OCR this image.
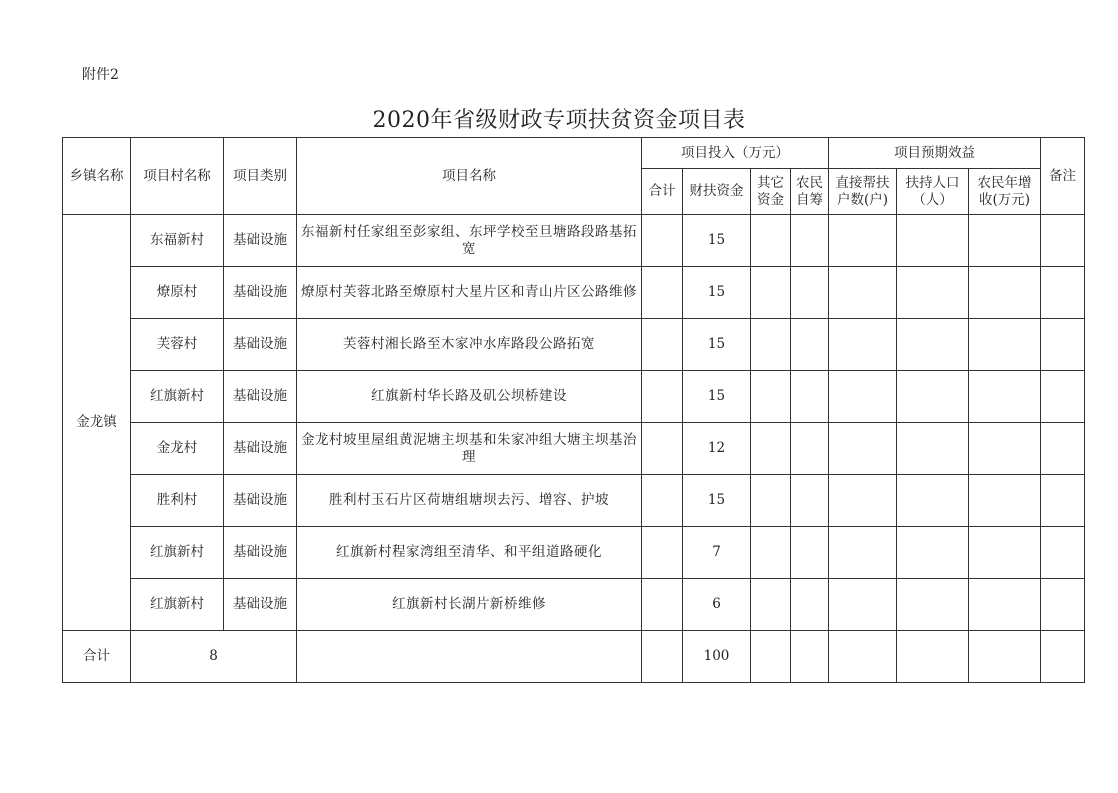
附件2
2020年省级财政专项扶贫资金项目表
乡镇名称	项目村名称	项目类别	项目名称	项目投入（万元）				项目预期效益			备注
				合计	财扶资金	其它资金	农民自筹	直接帮扶户数(户)	扶持人口（人）	农民年增收(万元)	
金龙镇	东福新村	基础设施	东福新村任家组至彭家组、东坪学校至旦塘路段路基拓宽		15						
	燎原村	基础设施	燎原村芙蓉北路至燎原村大星片区和青山片区公路维修		15						
	芙蓉村	基础设施	芙蓉村湘长路至木家冲水库路段公路拓宽		15						
	红旗新村	基础设施	红旗新村华长路及矶公坝桥建设		15						
	金龙村	基础设施	金龙村坡里屋组黄泥塘主坝基和朱家冲组大塘主坝基治理		12						
	胜利村	基础设施	胜利村玉石片区荷塘组塘坝去污、增容、护坡		15						
	红旗新村	基础设施	红旗新村程家湾组至清华、和平组道路硬化		7						
	红旗新村	基础设施	红旗新村长湖片新桥维修		6						
合计	8				100						
